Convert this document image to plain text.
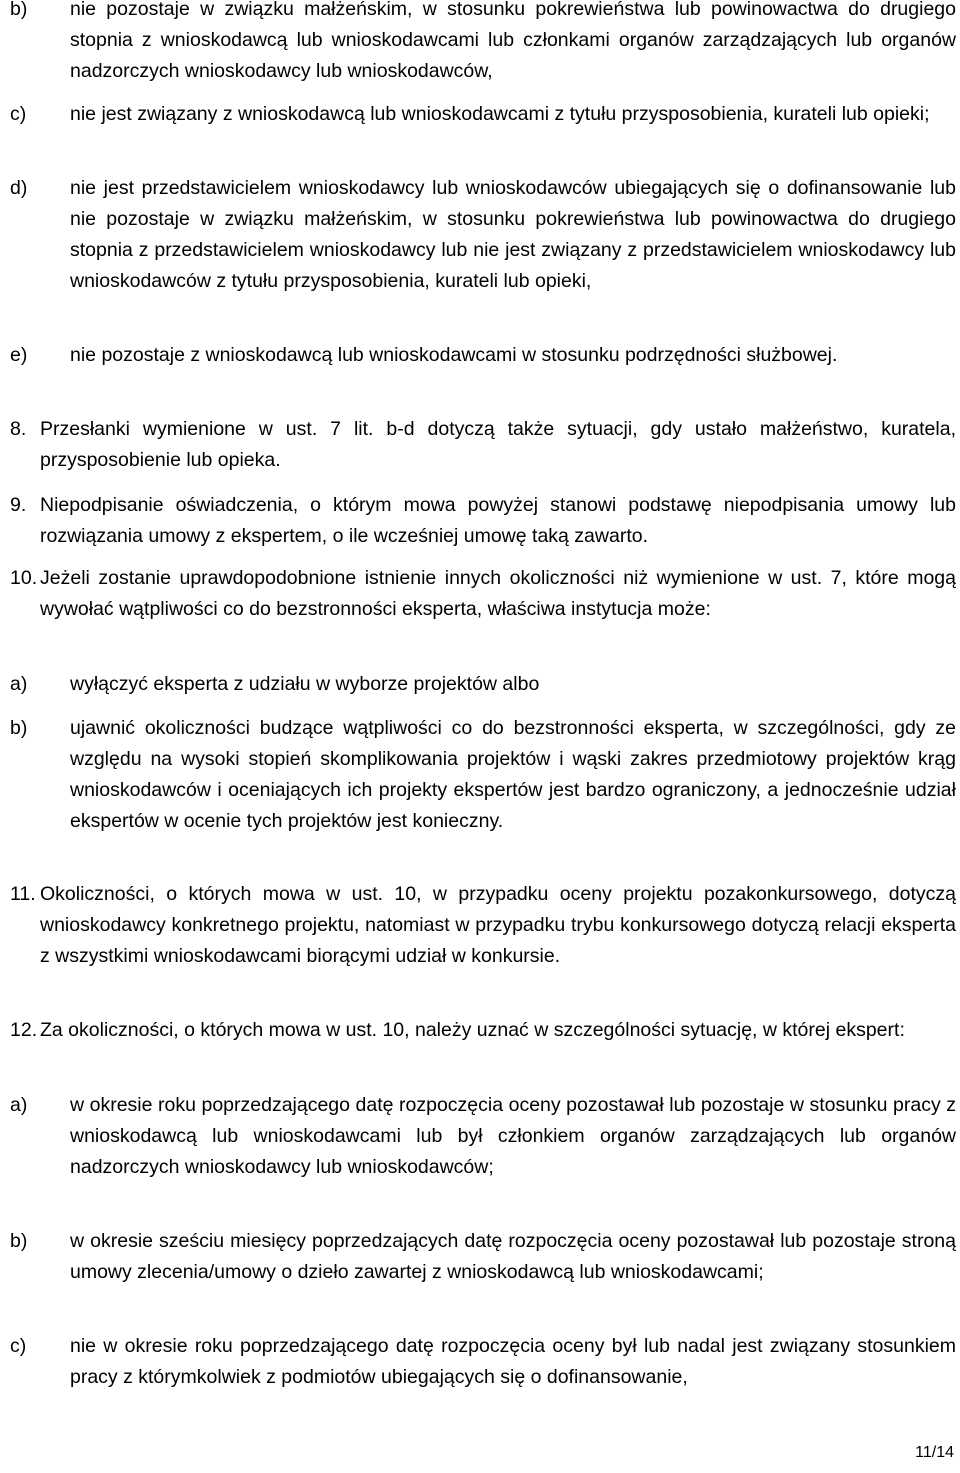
b)	nie pozostaje w związku małżeńskim, w stosunku pokrewieństwa lub powinowactwa do drugiego stopnia z wnioskodawcą lub wnioskodawcami lub członkami organów zarządzających lub organów nadzorczych wnioskodawcy lub wnioskodawców,
c)	nie jest związany z wnioskodawcą lub wnioskodawcami z tytułu przysposobienia, kurateli lub opieki;
d)	nie jest przedstawicielem wnioskodawcy lub wnioskodawców ubiegających się o dofinansowanie lub nie pozostaje w związku małżeńskim, w stosunku pokrewieństwa lub powinowactwa do drugiego stopnia z przedstawicielem wnioskodawcy lub nie jest związany z przedstawicielem wnioskodawcy lub wnioskodawców z tytułu przysposobienia, kurateli lub opieki,
e)	nie pozostaje z wnioskodawcą lub wnioskodawcami w stosunku podrzędności służbowej.
8. Przesłanki wymienione w ust. 7 lit. b-d dotyczą także sytuacji, gdy ustało małżeństwo, kuratela, przysposobienie lub opieka.
9. Niepodpisanie oświadczenia, o którym mowa powyżej stanowi podstawę niepodpisania umowy lub rozwiązania umowy z ekspertem, o ile wcześniej umowę taką zawarto.
10. Jeżeli zostanie uprawdopodobnione istnienie innych okoliczności niż wymienione w ust. 7, które mogą wywołać wątpliwości co do bezstronności eksperta, właściwa instytucja może:
a)	wyłączyć eksperta z udziału w wyborze projektów albo
b)	ujawnić okoliczności budzące wątpliwości co do bezstronności eksperta, w szczególności, gdy ze względu na wysoki stopień skomplikowania projektów i wąski zakres przedmiotowy projektów krąg wnioskodawców i oceniających ich projekty ekspertów jest bardzo ograniczony, a jednocześnie udział ekspertów w ocenie tych projektów jest konieczny.
11. Okoliczności, o których mowa w ust. 10, w przypadku oceny projektu pozakonkursowego, dotyczą wnioskodawcy konkretnego projektu, natomiast w przypadku trybu konkursowego dotyczą relacji eksperta z wszystkimi wnioskodawcami biorącymi udział w konkursie.
12. Za okoliczności, o których mowa w ust. 10, należy uznać w szczególności sytuację, w której ekspert:
a)	w okresie roku poprzedzającego datę rozpoczęcia oceny pozostawał lub pozostaje w stosunku pracy z wnioskodawcą lub wnioskodawcami lub był członkiem organów zarządzających lub organów nadzorczych wnioskodawcy lub wnioskodawców;
b)	w okresie sześciu miesięcy poprzedzających datę rozpoczęcia oceny pozostawał lub pozostaje stroną umowy zlecenia/umowy o dzieło zawartej z wnioskodawcą lub wnioskodawcami;
c)	nie w okresie roku poprzedzającego datę rozpoczęcia oceny był lub nadal jest związany stosunkiem pracy z którymkolwiek z podmiotów ubiegających się o dofinansowanie,
11/14
